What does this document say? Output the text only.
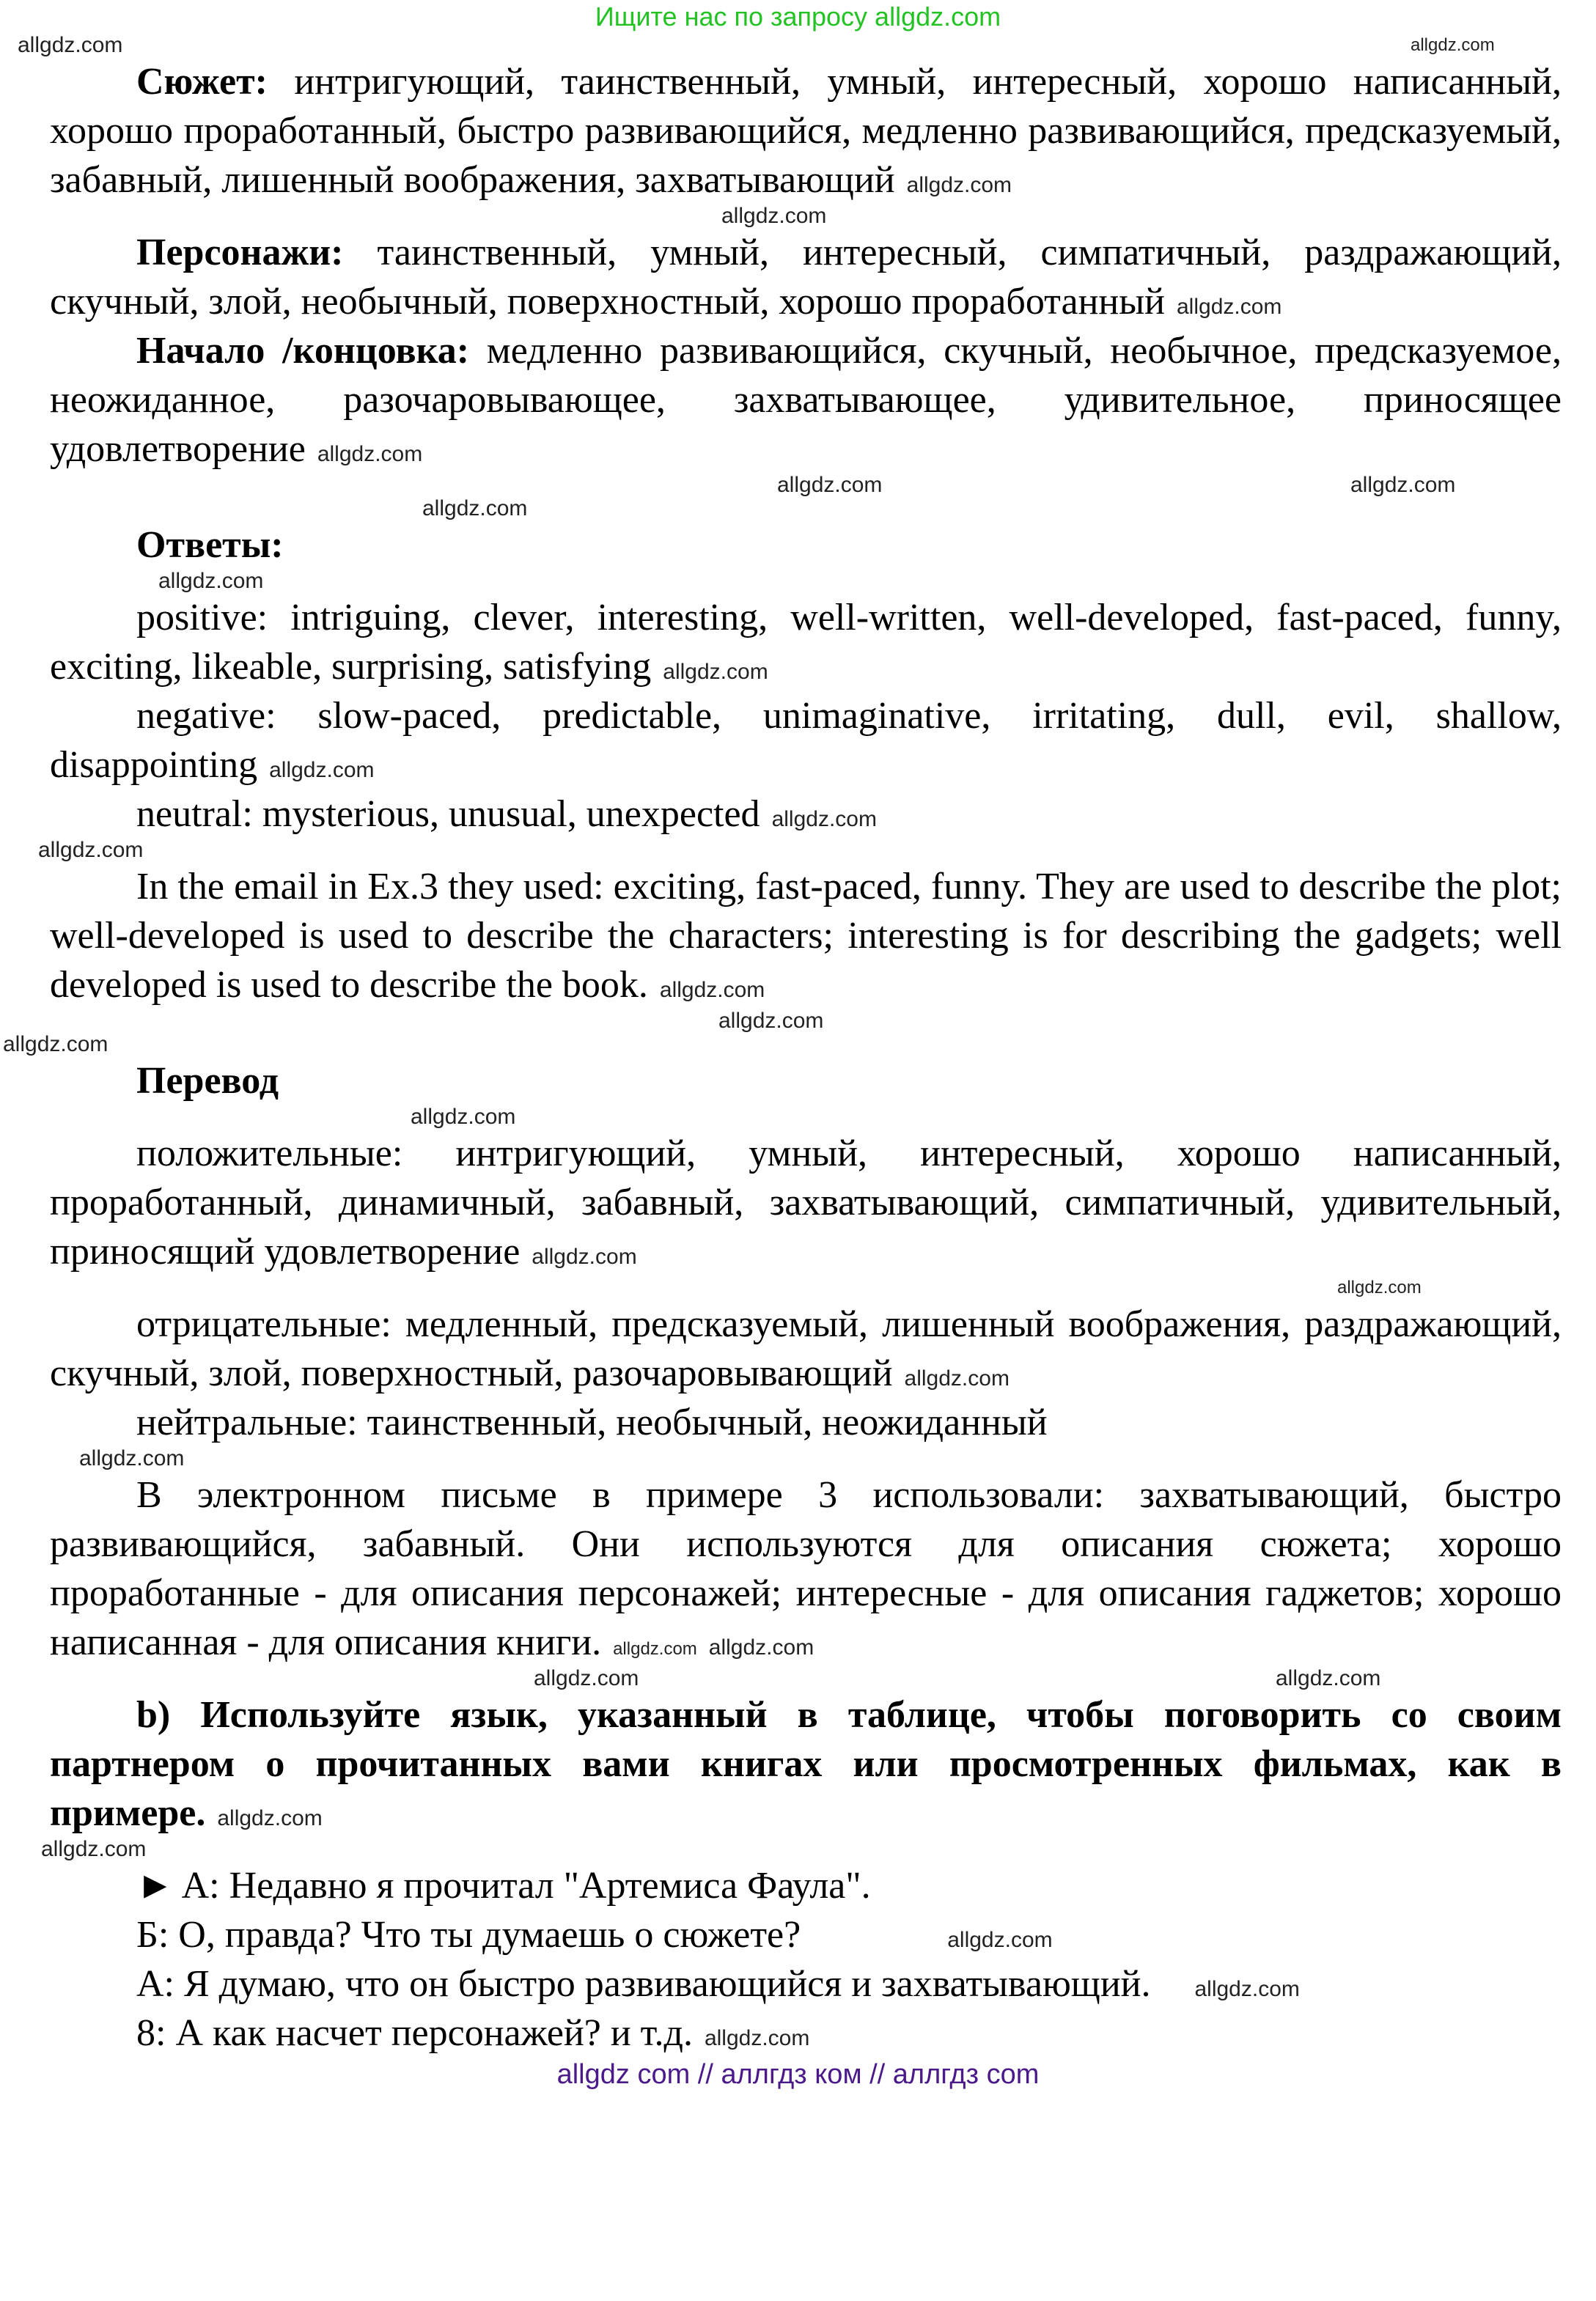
Ищите нас по запросу allgdz.com
allgdz.com
allgdz.com
Сюжет: интригующий, таинственный, умный, интересный, хорошо написанный, хорошо проработанный, быстро развивающийся, медленно развивающийся, предсказуемый, забавный, лишенный воображения, захватывающий allgdz.com
allgdz.com
Персонажи: таинственный, умный, интересный, симпатичный, раздражающий, скучный, злой, необычный, поверхностный, хорошо проработанный allgdz.com
Начало /концовка: медленно развивающийся, скучный, необычное, предсказуемое, неожиданное, разочаровывающее, захватывающее, удивительное, приносящее удовлетворение allgdz.com
allgdz.com	allgdz.com
allgdz.com
Ответы:
allgdz.com
positive: intriguing, clever, interesting, well-written, well-developed, fast-paced, funny, exciting, likeable, surprising, satisfying allgdz.com
negative: slow-paced, predictable, unimaginative, irritating, dull, evil, shallow, disappointing allgdz.com
neutral: mysterious, unusual, unexpected allgdz.com
allgdz.com
In the email in Ex.3 they used: exciting, fast-paced, funny. They are used to describe the plot; well-developed is used to describe the characters; interesting is for describing the gadgets; well developed is used to describe the book. allgdz.com
allgdz.com
allgdz.com
Перевод
allgdz.com
положительные: интригующий, умный, интересный, хорошо написанный, проработанный, динамичный, забавный, захватывающий, симпатичный, удивительный, приносящий удовлетворение allgdz.com
allgdz.com
отрицательные: медленный, предсказуемый, лишенный воображения, раздражающий, скучный, злой, поверхностный, разочаровывающий allgdz.com
нейтральные: таинственный, необычный, неожиданный
allgdz.com
В электронном письме в примере 3 использовали: захватывающий, быстро развивающийся, забавный. Они используются для описания сюжета; хорошо проработанные - для описания персонажей; интересные - для описания гаджетов; хорошо написанная - для описания книги. allgdz.com allgdz.com
allgdz.com	allgdz.com
b) Используйте язык, указанный в таблице, чтобы поговорить со своим партнером о прочитанных вами книгах или просмотренных фильмах, как в примере. allgdz.com
allgdz.com
► A: Недавно я прочитал "Артемиса Фаула".
Б: О, правда? Что ты думаешь о сюжете?	allgdz.com
A: Я думаю, что он быстро развивающийся и захватывающий. allgdz.com
8: А как насчет персонажей? и т.д. allgdz.com
allgdz com // аллгдз ком // аллгдз com
